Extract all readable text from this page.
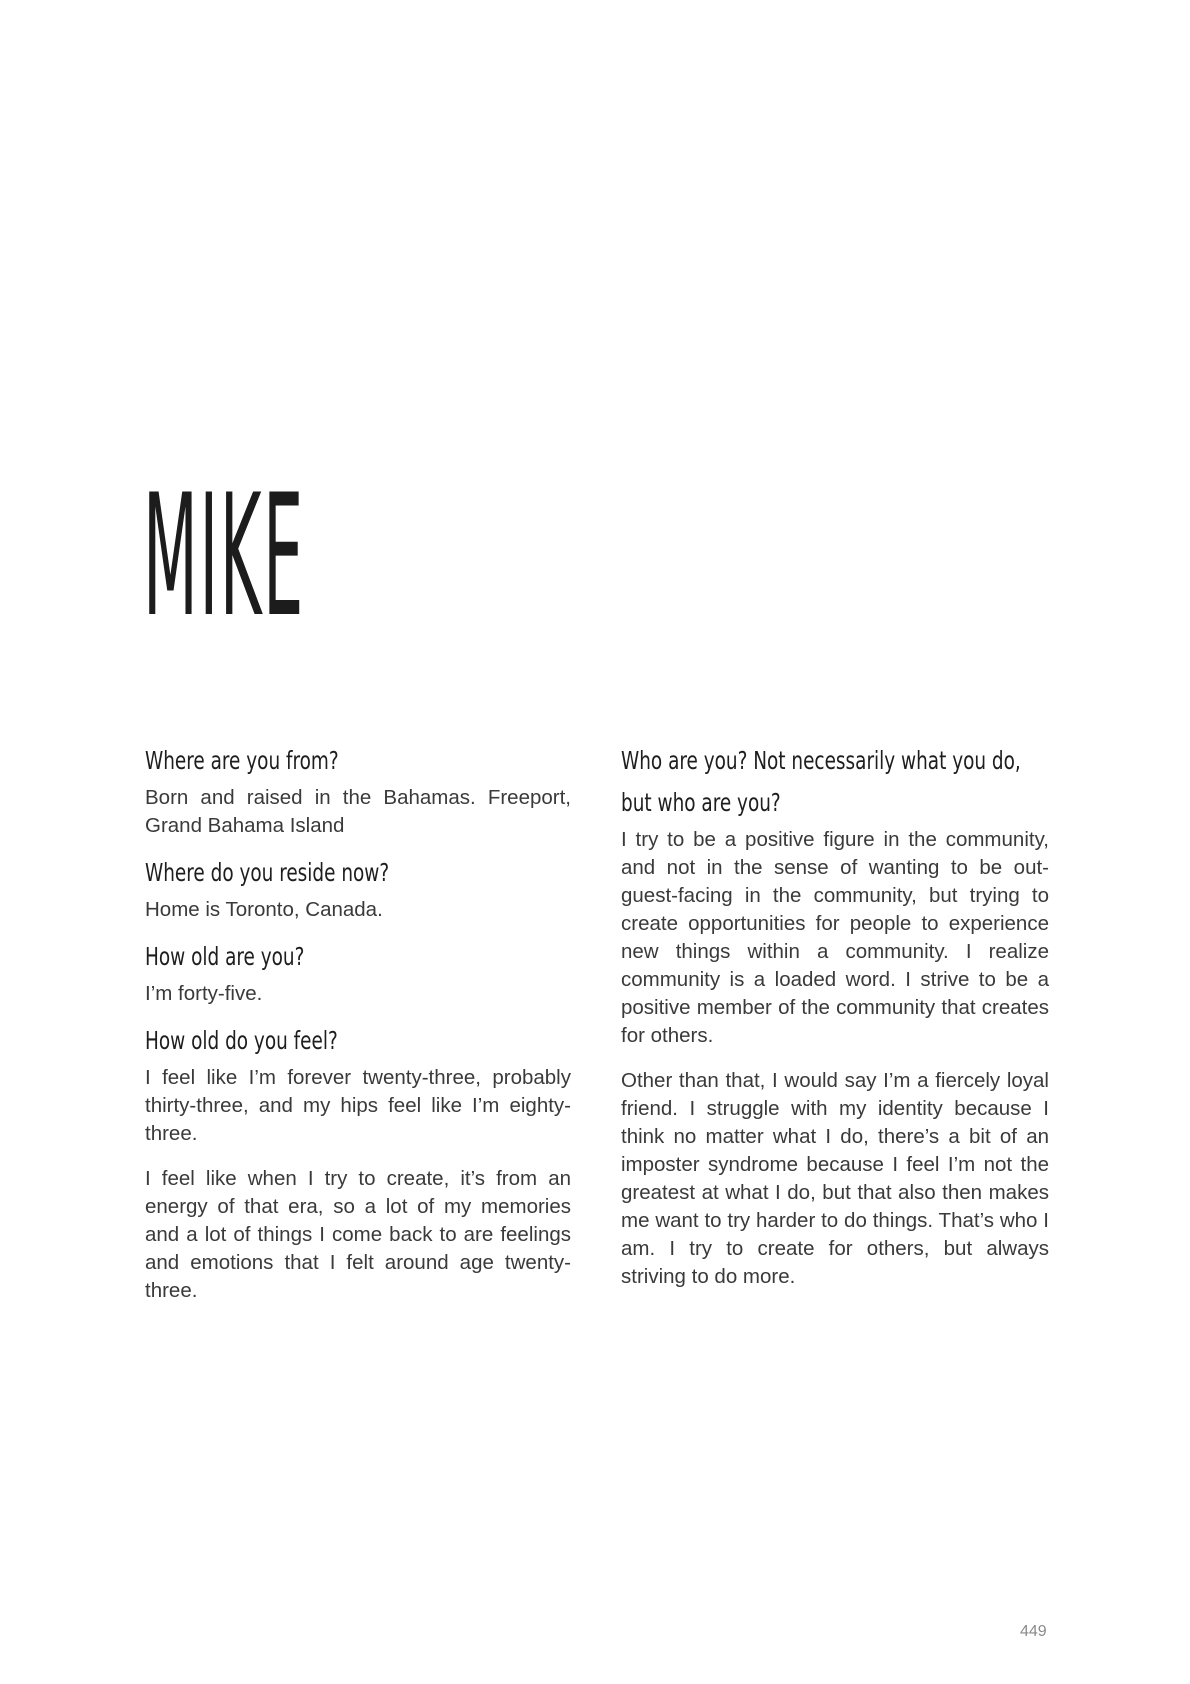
MIKE
Where are you from?

Born and raised in the Bahamas. Freeport, Grand Bahama Island

Where do you reside now?

Home is Toronto, Canada.

How old are you?

I’m forty-five.

How old do you feel?

I feel like I’m forever twenty-three, probably thirty-three, and my hips feel like I’m eighty-three.

I feel like when I try to create, it’s from an energy of that era, so a lot of my memories and a lot of things I come back to are feelings and emotions that I felt around age twenty-three.

Who are you? Not necessarily what you do,
but who are you?

I try to be a positive figure in the community, and not in the sense of wanting to be out-guest-facing in the community, but trying to create opportunities for people to experience new things within a community. I realize community is a loaded word. I strive to be a positive member of the community that creates for others.

Other than that, I would say I’m a fiercely loyal friend. I struggle with my identity because I think no matter what I do, there’s a bit of an imposter syndrome because I feel I’m not the greatest at what I do, but that also then makes me want to try harder to do things. That’s who I am. I try to create for others, but always striving to do more.

449
